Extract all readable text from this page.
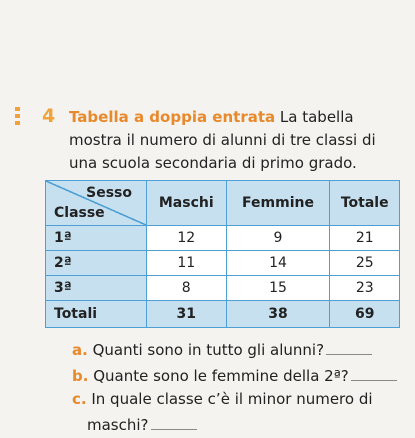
4 Tabella a doppia entrata La tabella
mostra il numero di alunni di tre classi di
una scuola secondaria di primo grado.
Sesso
Classe	Maschi	Femmine	Totale
1ª	12	9	21
2ª	11	14	25
3ª	8	15	23
Totali	31	38	69
a. Quanti sono in tutto gli alunni?
b. Quante sono le femmine della 2ª?
c. In quale classe c’è il minor numero di
maschi?
